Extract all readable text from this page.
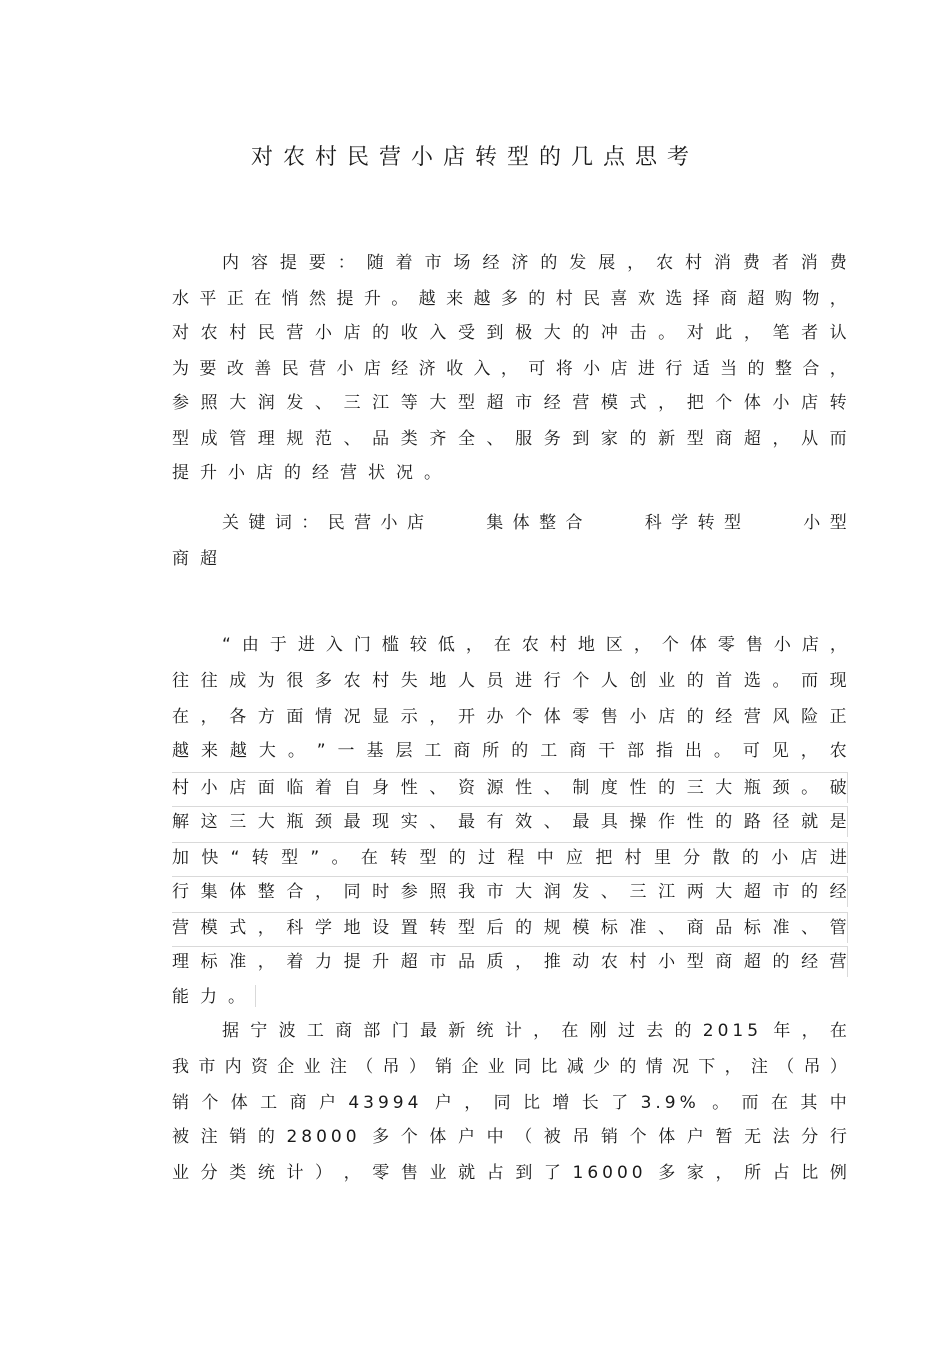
对农村民营小店转型的几点思考
内 容 提 要 ： 随 着 市 场 经 济 的 发 展 ， 农 村 消 费 者 消 费
水 平 正 在 悄 然 提 升 。 越 来 越 多 的 村 民 喜 欢 选 择 商 超 购 物 ，
对 农 村 民 营 小 店 的 收 入 受 到 极 大 的 冲 击 。 对 此 ， 笔 者 认
为 要 改 善 民 营 小 店 经 济 收 入 ， 可 将 小 店 进 行 适 当 的 整 合 ，
参 照 大 润 发 、 三 江 等 大 型 超 市 经 营 模 式 ， 把 个 体 小 店 转
型 成 管 理 规 范 、 品 类 齐 全 、 服 务 到 家 的 新 型 商 超 ， 从 而
提 升 小 店 的 经 营 状 况 。
关 键 词 ： 民 营 小 店

　	集 体 整 合

　	科 学 转 型

　	小 型
商 超
“ 由 于 进 入 门 槛 较 低 ， 在 农 村 地 区 ， 个 体 零 售 小 店 ，
往 往 成 为 很 多 农 村 失 地 人 员 进 行 个 人 创 业 的 首 选 。 而 现
在 ， 各 方 面 情 况 显 示 ， 开 办 个 体 零 售 小 店 的 经 营 风 险 正
越 来 越 大 。 ” 一 基 层 工 商 所 的 工 商 干 部 指 出 。 可 见 ， 农
村 小 店 面 临 着 自 身 性 、 资 源 性 、 制 度 性 的 三 大 瓶 颈 。 破
解 这 三 大 瓶 颈 最 现 实 、 最 有 效 、 最 具 操 作 性 的 路 径 就 是
加 快 “ 转 型 ” 。 在 转 型 的 过 程 中 应 把 村 里 分 散 的 小 店 进
行 集 体 整 合 ， 同 时 参 照 我 市 大 润 发 、 三 江 两 大 超 市 的 经
营 模 式 ， 科 学 地 设 置 转 型 后 的 规 模 标 准 、 商 品 标 准 、 管
理 标 准 ， 着 力 提 升 超 市 品 质 ， 推 动 农 村 小 型 商 超 的 经 营
能 力 。
据 宁 波 工 商 部 门 最 新 统 计 ， 在 刚 过 去 的 2015 年 ， 在
我 市 内 资 企 业 注 （ 吊 ） 销 企 业 同 比 减 少 的 情 况 下 ， 注 （ 吊 ）
销 个 体 工 商 户 43994 户 ， 同 比 增 长 了 3.9% 。 而 在 其 中
被 注 销 的 28000 多 个 体 户 中 （ 被 吊 销 个 体 户 暂 无 法 分 行
业 分 类 统 计 ） ， 零 售 业 就 占 到 了 16000 多 家 ， 所 占 比 例
